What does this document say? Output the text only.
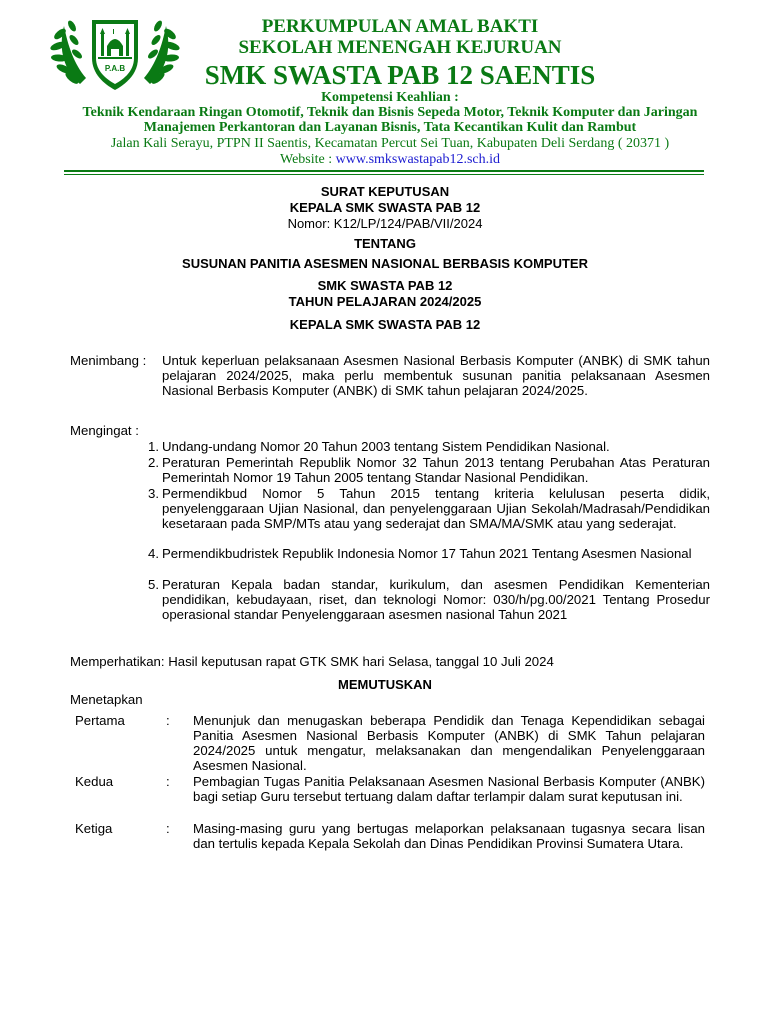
P.A.B
PERKUMPULAN AMAL BAKTI
SEKOLAH MENENGAH KEJURUAN
SMK SWASTA PAB 12 SAENTIS
Kompetensi Keahlian :
Teknik Kendaraan Ringan Otomotif, Teknik dan Bisnis Sepeda Motor, Teknik Komputer dan Jaringan
Manajemen Perkantoran dan Layanan Bisnis, Tata Kecantikan Kulit dan Rambut
Jalan Kali Serayu, PTPN II Saentis, Kecamatan Percut Sei Tuan, Kabupaten Deli Serdang ( 20371 )
Website : www.smkswastapab12.sch.id
SURAT KEPUTUSAN
KEPALA SMK SWASTA PAB 12
Nomor: K12/LP/124/PAB/VII/2024
TENTANG
SUSUNAN PANITIA ASESMEN NASIONAL BERBASIS KOMPUTER
SMK SWASTA PAB 12
TAHUN PELAJARAN 2024/2025
KEPALA SMK SWASTA PAB 12
Menimbang : Untuk keperluan pelaksanaan Asesmen Nasional Berbasis Komputer (ANBK) di SMK tahun pelajaran 2024/2025, maka perlu membentuk susunan panitia pelaksanaan Asesmen Nasional Berbasis Komputer (ANBK) di SMK tahun pelajaran 2024/2025.
Mengingat :
1. Undang-undang Nomor 20 Tahun 2003 tentang Sistem Pendidikan Nasional.
2. Peraturan Pemerintah Republik Nomor 32 Tahun 2013 tentang Perubahan Atas Peraturan Pemerintah Nomor 19 Tahun 2005 tentang Standar Nasional Pendidikan.
3. Permendikbud Nomor 5 Tahun 2015 tentang kriteria kelulusan peserta didik, penyelenggaraan Ujian Nasional, dan penyelenggaraan Ujian Sekolah/Madrasah/Pendidikan kesetaraan pada SMP/MTs atau yang sederajat dan SMA/MA/SMK atau yang sederajat.
4. Permendikbudristek Republik Indonesia Nomor 17 Tahun 2021 Tentang Asesmen Nasional
5. Peraturan Kepala badan standar, kurikulum, dan asesmen Pendidikan Kementerian pendidikan, kebudayaan, riset, dan teknologi Nomor: 030/h/pg.00/2021 Tentang Prosedur operasional standar Penyelenggaraan asesmen nasional Tahun 2021
Memperhatikan: Hasil keputusan rapat GTK SMK hari Selasa, tanggal 10 Juli 2024
MEMUTUSKAN
Menetapkan
Pertama	: Menunjuk dan menugaskan beberapa Pendidik dan Tenaga Kependidikan sebagai Panitia Asesmen Nasional Berbasis Komputer (ANBK) di SMK Tahun pelajaran 2024/2025 untuk mengatur, melaksanakan dan mengendalikan Penyelenggaraan Asesmen Nasional.
Kedua	: Pembagian Tugas Panitia Pelaksanaan Asesmen Nasional Berbasis Komputer (ANBK) bagi setiap Guru tersebut tertuang dalam daftar terlampir dalam surat keputusan ini.
Ketiga	: Masing-masing guru yang bertugas melaporkan pelaksanaan tugasnya secara lisan dan tertulis kepada Kepala Sekolah dan Dinas Pendidikan Provinsi Sumatera Utara.
